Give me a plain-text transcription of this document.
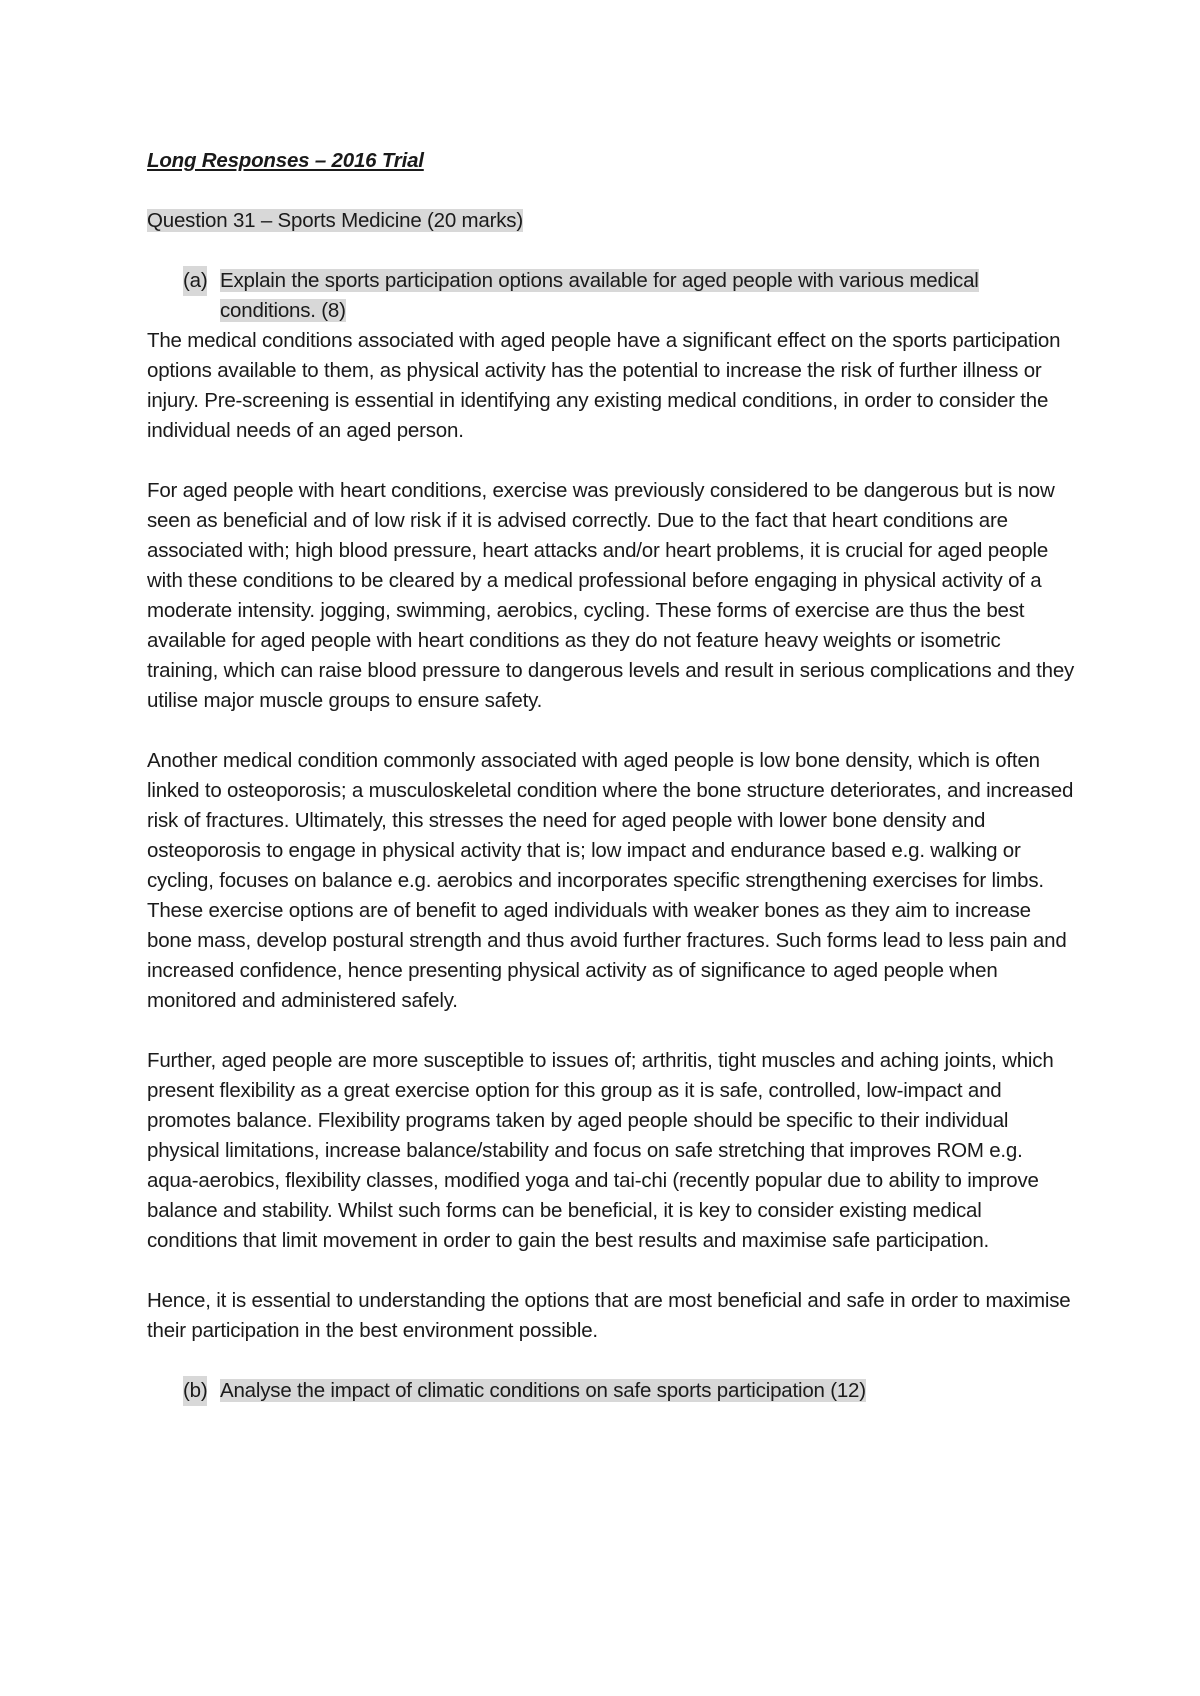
Long Responses – 2016 Trial

Question 31 – Sports Medicine (20 marks)

(a) Explain the sports participation options available for aged people with various medical conditions. (8)

The medical conditions associated with aged people have a significant effect on the sports participation options available to them, as physical activity has the potential to increase the risk of further illness or injury. Pre-screening is essential in identifying any existing medical conditions, in order to consider the individual needs of an aged person.

For aged people with heart conditions, exercise was previously considered to be dangerous but is now seen as beneficial and of low risk if it is advised correctly. Due to the fact that heart conditions are associated with; high blood pressure, heart attacks and/or heart problems, it is crucial for aged people with these conditions to be cleared by a medical professional before engaging in physical activity of a moderate intensity. jogging, swimming, aerobics, cycling. These forms of exercise are thus the best available for aged people with heart conditions as they do not feature heavy weights or isometric training, which can raise blood pressure to dangerous levels and result in serious complications and they utilise major muscle groups to ensure safety.

Another medical condition commonly associated with aged people is low bone density, which is often linked to osteoporosis; a musculoskeletal condition where the bone structure deteriorates, and increased risk of fractures. Ultimately, this stresses the need for aged people with lower bone density and osteoporosis to engage in physical activity that is; low impact and endurance based e.g. walking or cycling, focuses on balance e.g. aerobics and incorporates specific strengthening exercises for limbs. These exercise options are of benefit to aged individuals with weaker bones as they aim to increase bone mass, develop postural strength and thus avoid further fractures. Such forms lead to less pain and increased confidence, hence presenting physical activity as of significance to aged people when monitored and administered safely.

Further, aged people are more susceptible to issues of; arthritis, tight muscles and aching joints, which present flexibility as a great exercise option for this group as it is safe, controlled, low-impact and promotes balance. Flexibility programs taken by aged people should be specific to their individual physical limitations, increase balance/stability and focus on safe stretching that improves ROM e.g. aqua-aerobics, flexibility classes, modified yoga and tai-chi (recently popular due to ability to improve balance and stability. Whilst such forms can be beneficial, it is key to consider existing medical conditions that limit movement in order to gain the best results and maximise safe participation.

Hence, it is essential to understanding the options that are most beneficial and safe in order to maximise their participation in the best environment possible.

(b) Analyse the impact of climatic conditions on safe sports participation (12)
